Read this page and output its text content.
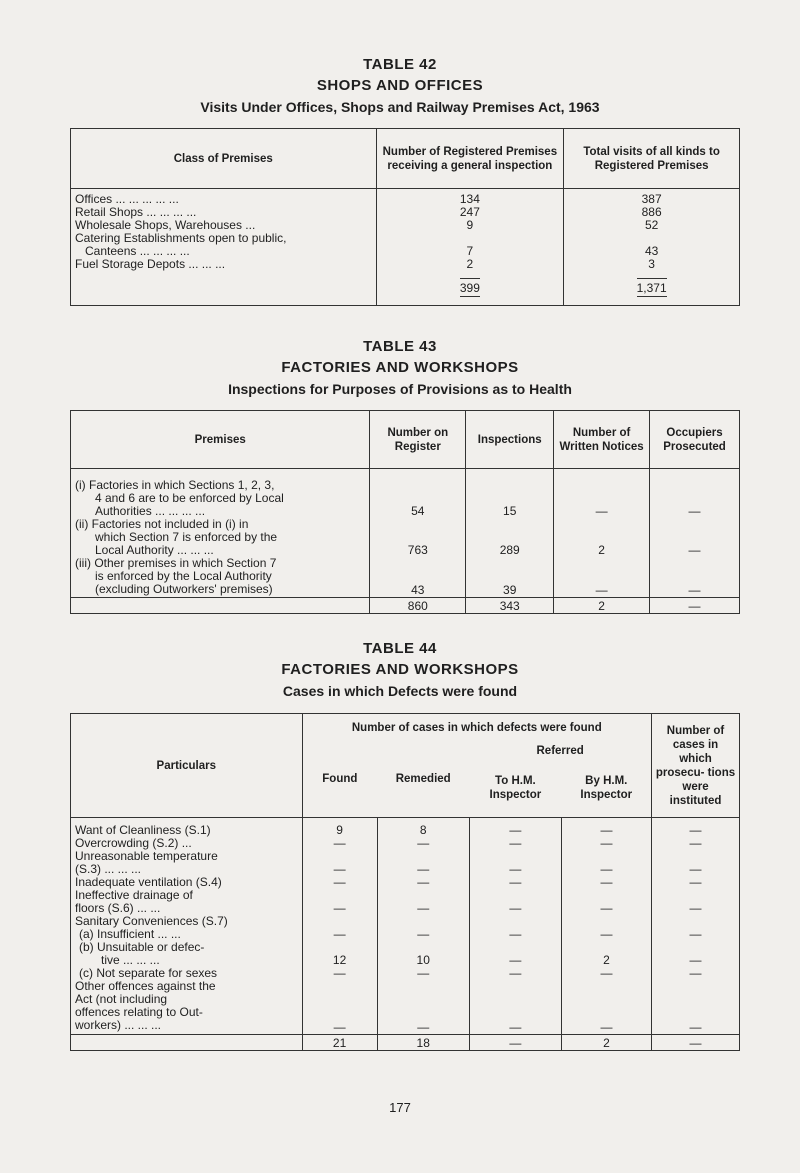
TABLE 42
SHOPS AND OFFICES
Visits Under Offices, Shops and Railway Premises Act, 1963
Class of Premises	Number of Registered Premises receiving a general inspection	Total visits of all kinds to Registered Premises
Offices ... ... ... ... ...	134	387
Retail Shops ... ... ... ...	247	886
Wholesale Shops, Warehouses ...	9	52
Catering Establishments open to public,		
Canteens ... ... ... ...	7	43
Fuel Storage Depots ... ... ...	2	3
	399	1,371
TABLE 43
FACTORIES AND WORKSHOPS
Inspections for Purposes of Provisions as to Health
Premises	Number on Register	Inspections	Number of Written Notices	Occupiers Prosecuted

(i) Factories in which Sections 1, 2, 3,
4 and 6 are to be enforced by Local
Authorities ... ... ... ...	54	15	—	—

(ii) Factories not included in (i) in
which Section 7 is enforced by the
Local Authority ... ... ...	763	289	2	—

(iii) Other premises in which Section 7
is enforced by the Local Authority
(excluding Outworkers' premises)	43	39	—	—
	860	343	2	—
TABLE 44
FACTORIES AND WORKSHOPS
Cases in which Defects were found
Particulars	Number of cases in which defects were found				Number of cases in which prosecu- tions were instituted
	Found	Remedied	Referred		
			To H.M. Inspector	By H.M. Inspector	
Want of Cleanliness (S.1)	9	8	—	—	—
Overcrowding (S.2) ...	—	—	—	—	—

Unreasonable temperature
(S.3) ... ... ...	—	—	—	—	—
Inadequate ventilation (S.4)	—	—	—	—	—

Ineffective drainage of
floors (S.6) ... ...	—	—	—	—	—
Sanitary Conveniences (S.7)					
(a) Insufficient ... ...	—	—	—	—	—

(b) Unsuitable or defec-
tive ... ... ...	12	10	—	2	—
(c) Not separate for sexes	—	—	—	—	—

Other offences against the
Act (not including
offences relating to Out-
workers) ... ... ...	—	—	—	—	—
	21	18	—	2	—
177
